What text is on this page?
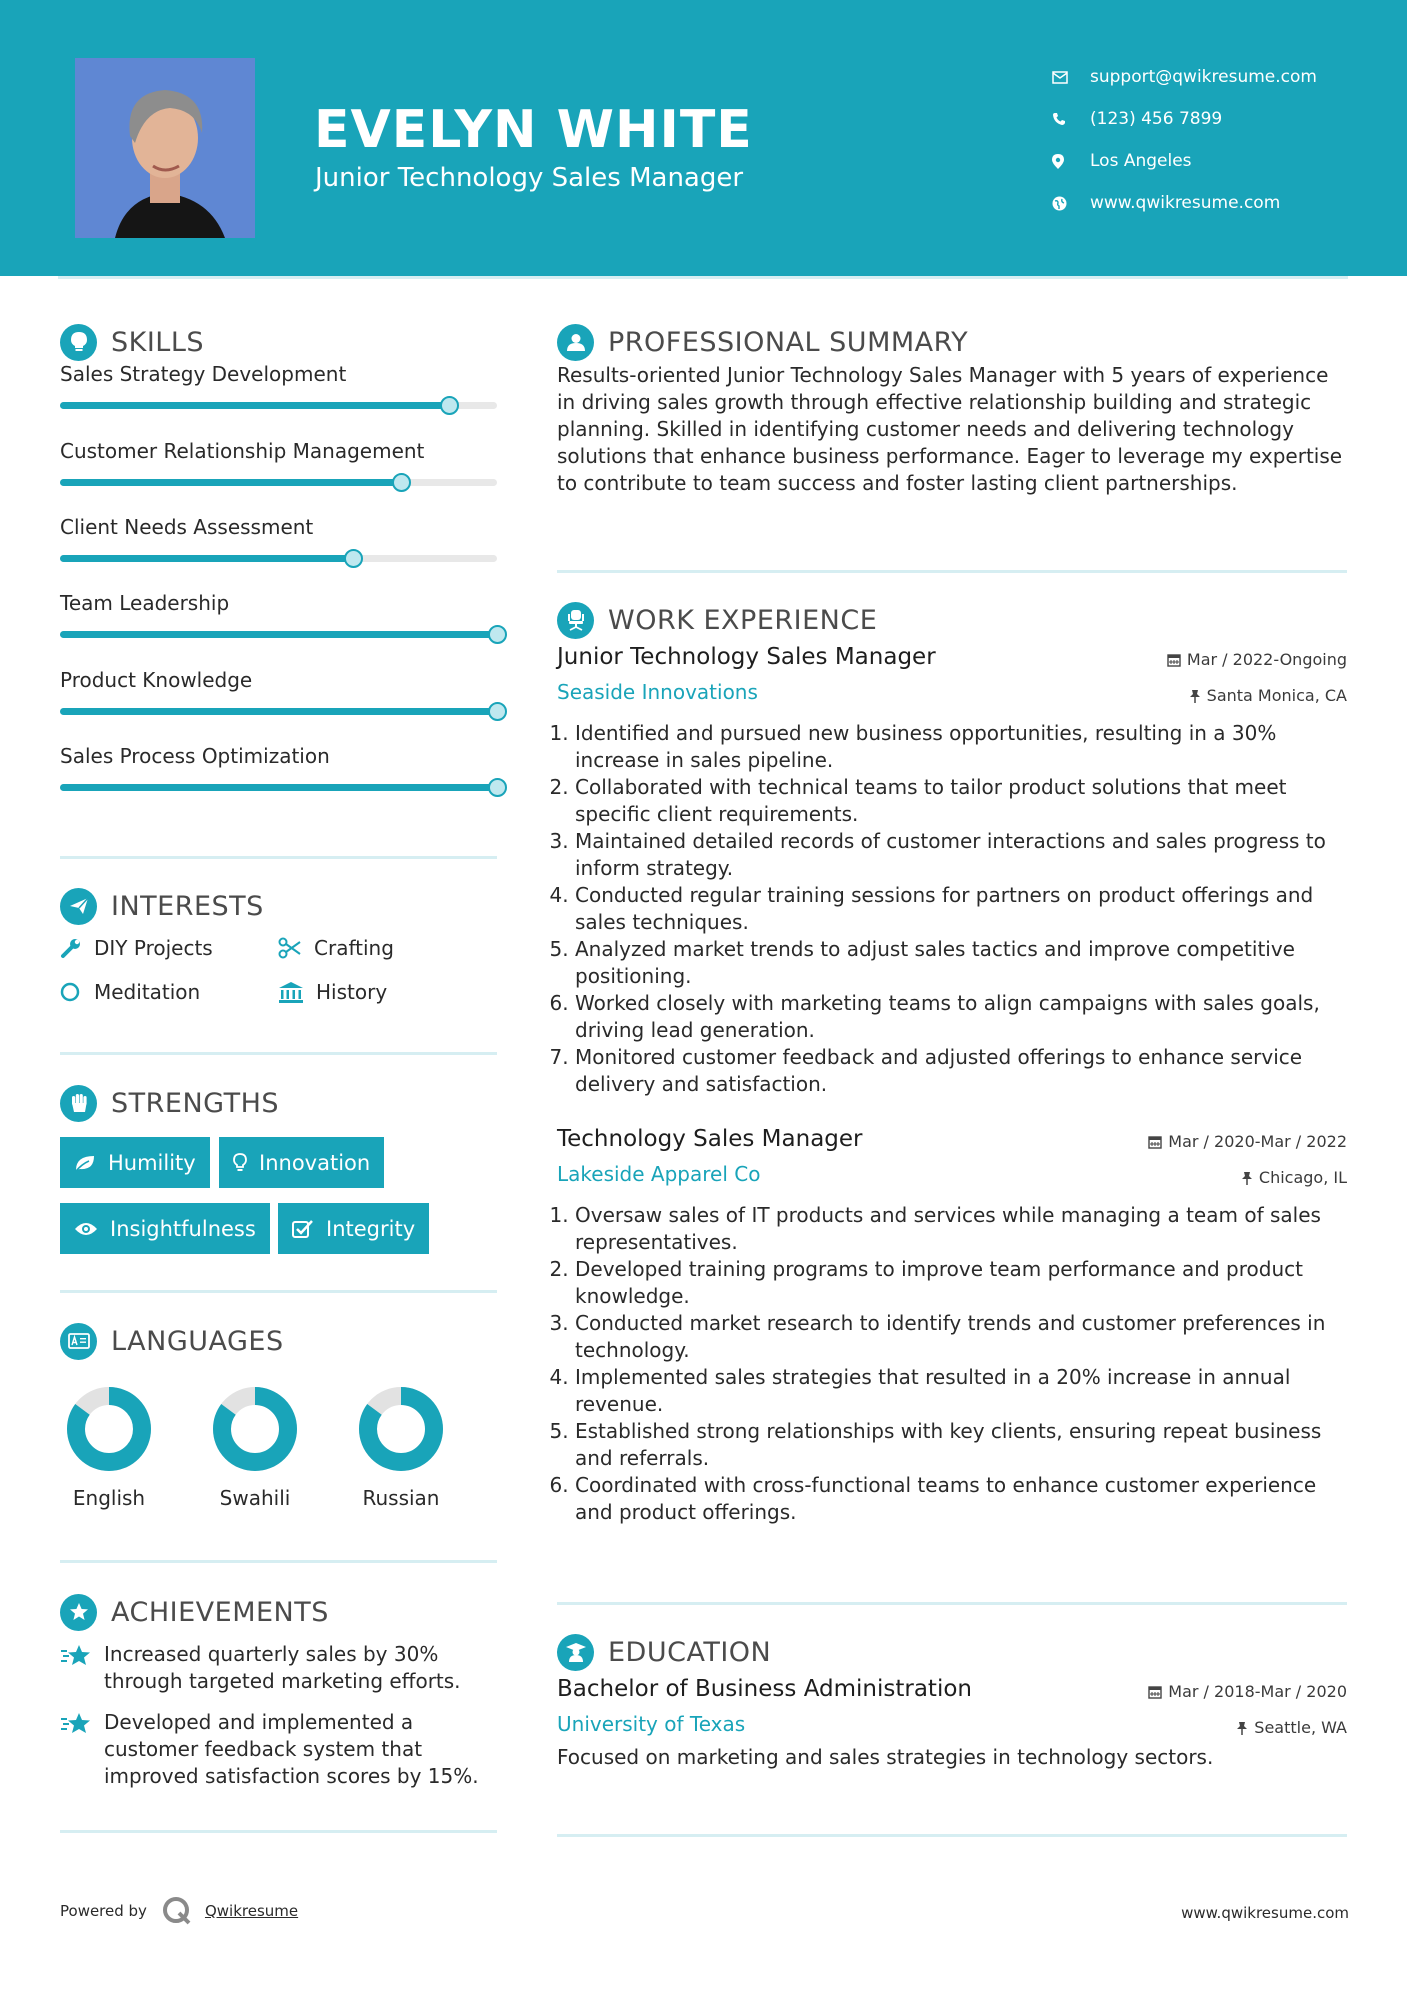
EVELYN WHITE
Junior Technology Sales Manager
support@qwikresume.com
(123) 456 7899
Los Angeles
www.qwikresume.com
SKILLS
Sales Strategy Development
Customer Relationship Management
Client Needs Assessment
Team Leadership
Product Knowledge
Sales Process Optimization
INTERESTS
DIY Projects	Crafting
Meditation	History
STRENGTHS
Humility	Innovation
Insightfulness	Integrity
LANGUAGES
English	Swahili	Russian
ACHIEVEMENTS
Increased quarterly sales by 30% through targeted marketing efforts.
Developed and implemented a customer feedback system that improved satisfaction scores by 15%.
PROFESSIONAL SUMMARY
Results-oriented Junior Technology Sales Manager with 5 years of experience in driving sales growth through effective relationship building and strategic planning. Skilled in identifying customer needs and delivering technology solutions that enhance business performance. Eager to leverage my expertise to contribute to team success and foster lasting client partnerships.
WORK EXPERIENCE
Junior Technology Sales Manager	Mar / 2022-Ongoing
Seaside Innovations	Santa Monica, CA
1. Identified and pursued new business opportunities, resulting in a 30% increase in sales pipeline.
2. Collaborated with technical teams to tailor product solutions that meet specific client requirements.
3. Maintained detailed records of customer interactions and sales progress to inform strategy.
4. Conducted regular training sessions for partners on product offerings and sales techniques.
5. Analyzed market trends to adjust sales tactics and improve competitive positioning.
6. Worked closely with marketing teams to align campaigns with sales goals, driving lead generation.
7. Monitored customer feedback and adjusted offerings to enhance service delivery and satisfaction.
Technology Sales Manager	Mar / 2020-Mar / 2022
Lakeside Apparel Co	Chicago, IL
1. Oversaw sales of IT products and services while managing a team of sales representatives.
2. Developed training programs to improve team performance and product knowledge.
3. Conducted market research to identify trends and customer preferences in technology.
4. Implemented sales strategies that resulted in a 20% increase in annual revenue.
5. Established strong relationships with key clients, ensuring repeat business and referrals.
6. Coordinated with cross-functional teams to enhance customer experience and product offerings.
EDUCATION
Bachelor of Business Administration	Mar / 2018-Mar / 2020
University of Texas	Seattle, WA
Focused on marketing and sales strategies in technology sectors.
Powered by	Qwikresume	www.qwikresume.com
